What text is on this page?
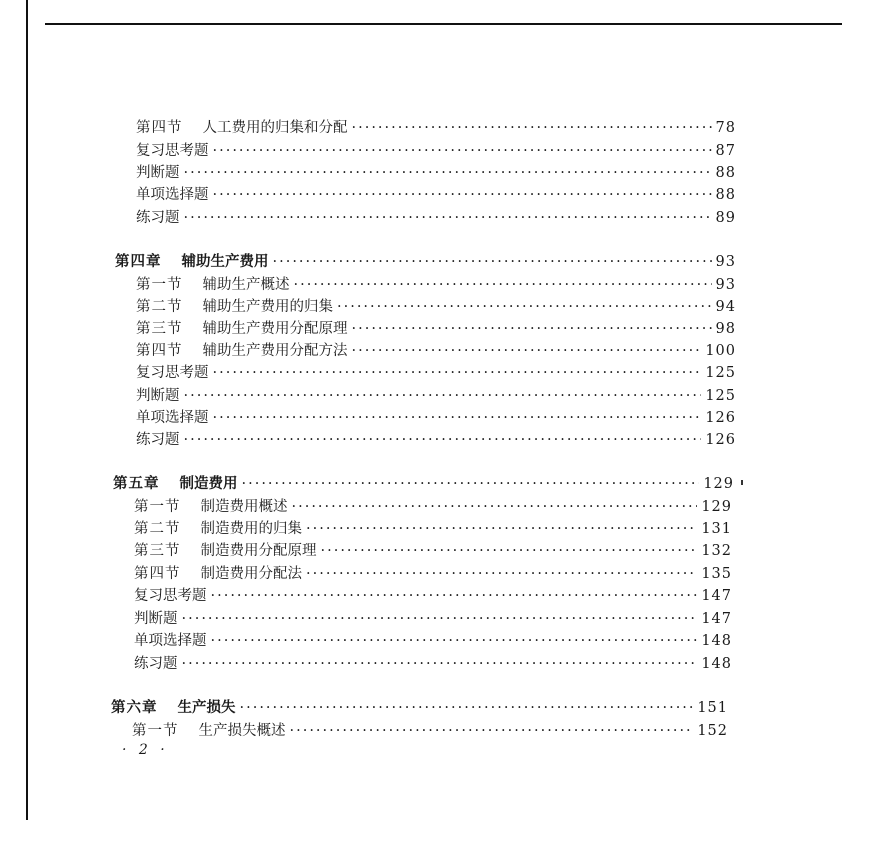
第四节 人工费用的归集和分配 ·····	78
复习思考题 ·····	87
判断题 ·····	88
单项选择题 ·····	88
练习题 ·····	89
第四章 辅助生产费用 ·····	93
第一节 辅助生产概述 ·····	93
第二节 辅助生产费用的归集 ·····	94
第三节 辅助生产费用分配原理 ·····	98
第四节 辅助生产费用分配方法 ·····	100
复习思考题 ·····	125
判断题 ·····	125
单项选择题 ·····	126
练习题 ·····	126
第五章 制造费用 ·····	129
第一节 制造费用概述 ·····	129
第二节 制造费用的归集 ·····	131
第三节 制造费用分配原理 ·····	132
第四节 制造费用分配法 ·····	135
复习思考题 ·····	147
判断题 ·····	147
单项选择题 ·····	148
练习题 ·····	148
第六章 生产损失 ·····	151
第一节 生产损失概述 ·····	152
· 2 ·
